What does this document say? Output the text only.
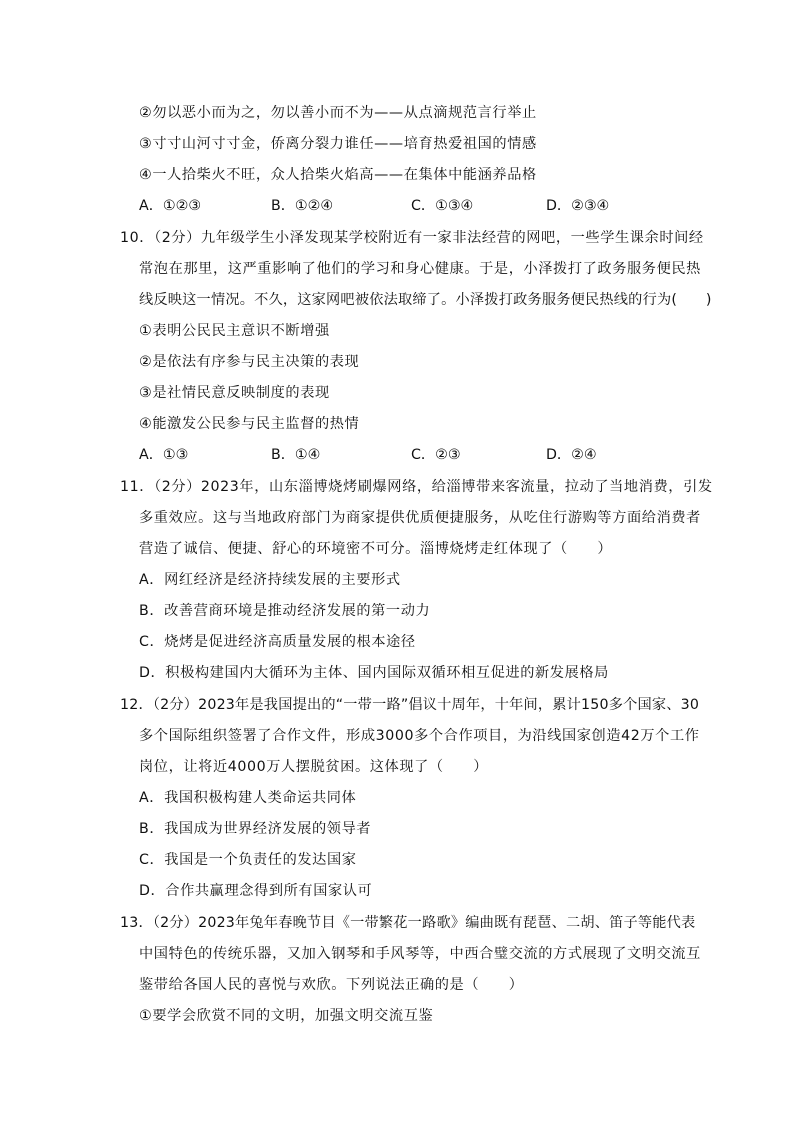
②勿以恶小而为之，勿以善小而不为——从点滴规范言行举止
③寸寸山河寸寸金，侨离分裂力谁任——培育热爱祖国的情感
④一人拾柴火不旺，众人拾柴火焰高——在集体中能涵养品格
A．①②③	B．①②④	C．①③④	D．②③④
10．（2分）九年级学生小泽发现某学校附近有一家非法经营的网吧，一些学生课余时间经
常泡在那里，这严重影响了他们的学习和身心健康。于是，小泽拨打了政务服务便民热
线反映这一情况。不久，这家网吧被依法取缔了。小泽拨打政务服务便民热线的行为(　　)
①表明公民民主意识不断增强
②是依法有序参与民主决策的表现
③是社情民意反映制度的表现
④能激发公民参与民主监督的热情
A．①③	B．①④	C．②③	D．②④
11．（2分）2023年，山东淄博烧烤刷爆网络，给淄博带来客流量，拉动了当地消费，引发
多重效应。这与当地政府部门为商家提供优质便捷服务，从吃住行游购等方面给消费者
营造了诚信、便捷、舒心的环境密不可分。淄博烧烤走红体现了（　　）
A．网红经济是经济持续发展的主要形式
B．改善营商环境是推动经济发展的第一动力
C．烧烤是促进经济高质量发展的根本途径
D．积极构建国内大循环为主体、国内国际双循环相互促进的新发展格局
12．（2分）2023年是我国提出的“一带一路”倡议十周年，十年间，累计150多个国家、30
多个国际组织签署了合作文件，形成3000多个合作项目，为沿线国家创造42万个工作
岗位，让将近4000万人摆脱贫困。这体现了（　　）
A．我国积极构建人类命运共同体
B．我国成为世界经济发展的领导者
C．我国是一个负责任的发达国家
D．合作共赢理念得到所有国家认可
13．（2分）2023年兔年春晚节目《一带繁花一路歌》编曲既有琵琶、二胡、笛子等能代表
中国特色的传统乐器，又加入钢琴和手风琴等，中西合璧交流的方式展现了文明交流互
鉴带给各国人民的喜悦与欢欣。下列说法正确的是（　　）
①要学会欣赏不同的文明，加强文明交流互鉴
